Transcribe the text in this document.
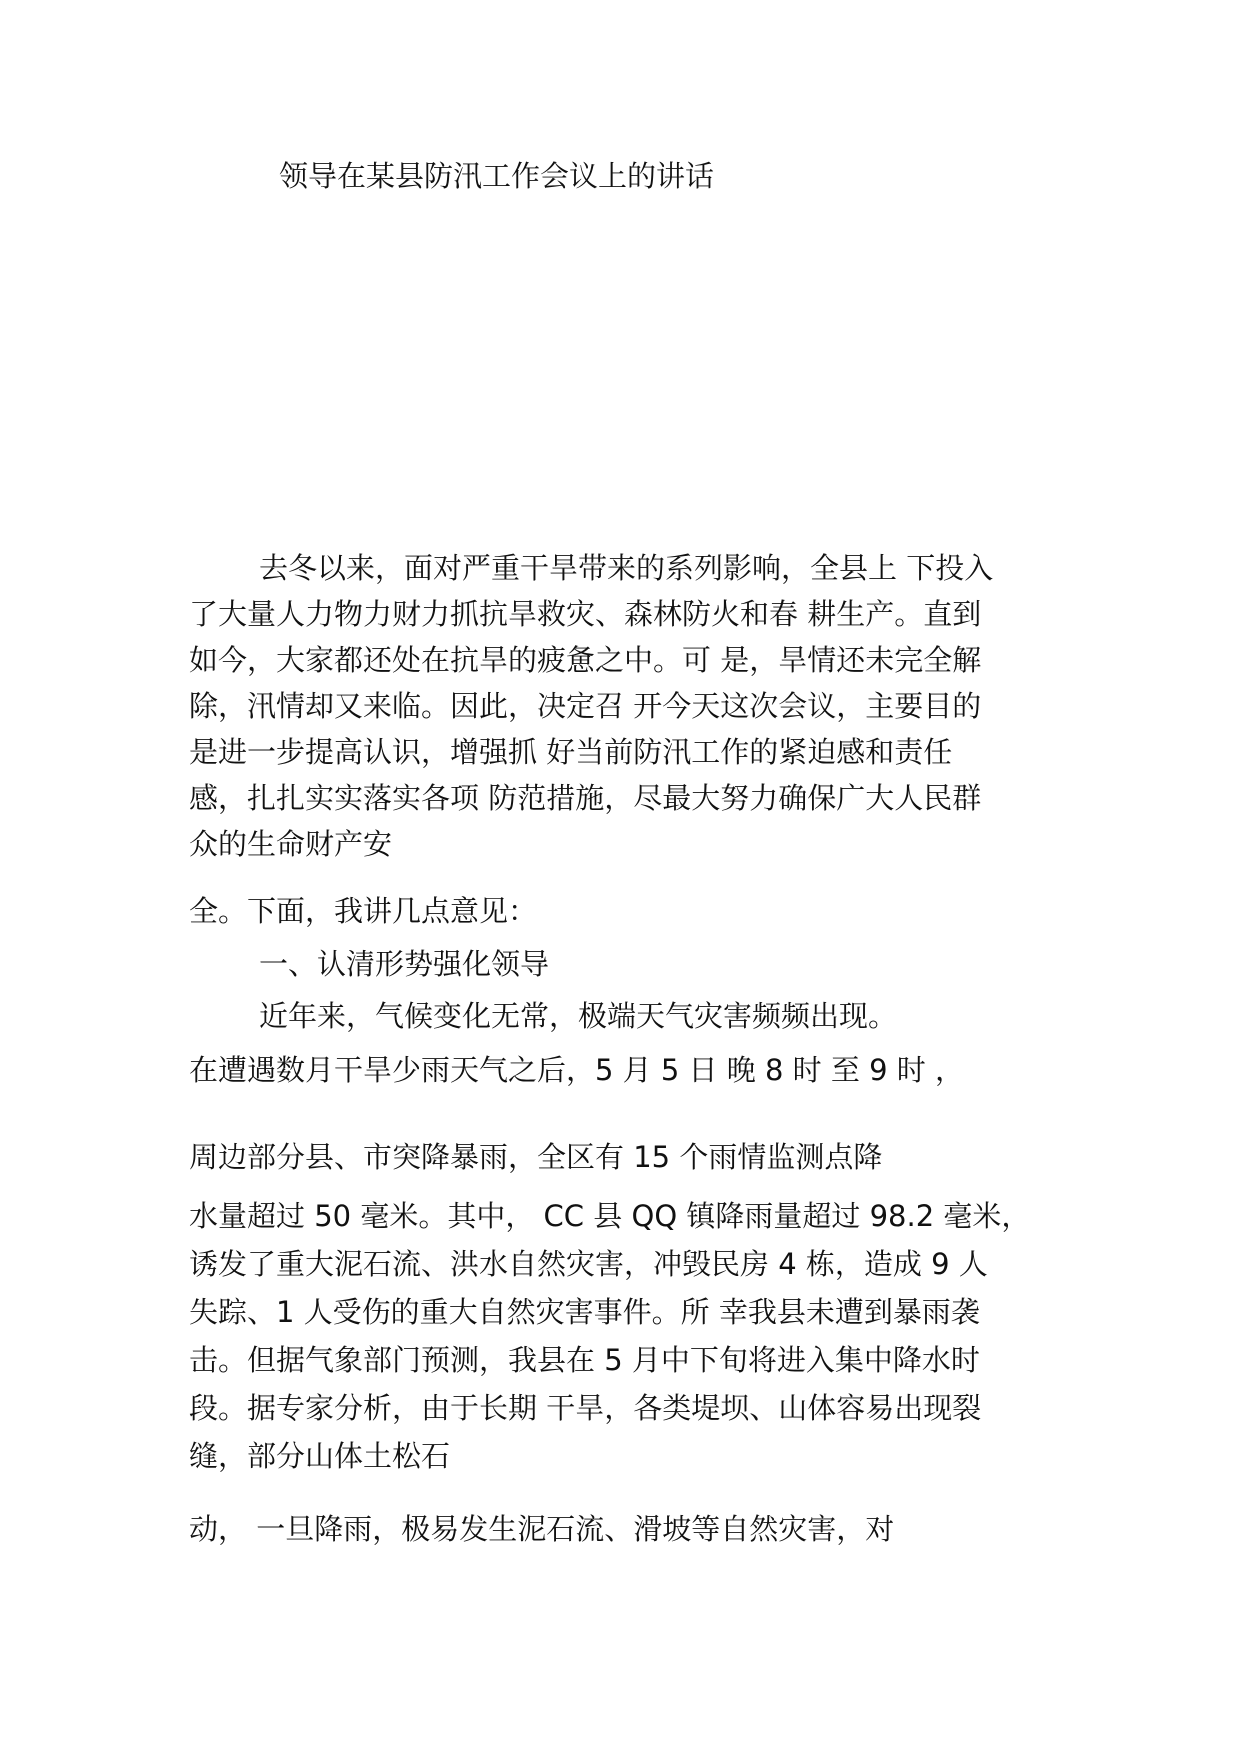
领导在某县防汛工作会议上的讲话
去冬以来，面对严重干旱带来的系列影响，全县上 下投入
了大量人力物力财力抓抗旱救灾、森林防火和春 耕生产。直到
如今，大家都还处在抗旱的疲惫之中。可 是，旱情还未完全解
除，汛情却又来临。因此，决定召 开今天这次会议，主要目的
是进一步提高认识，增强抓 好当前防汛工作的紧迫感和责任
感，扎扎实实落实各项 防范措施，尽最大努力确保广大人民群
众的生命财产安
全。下面，我讲几点意见：
一、认清形势强化领导
近年来，气候变化无常，极端天气灾害频频出现。
在遭遇数月干旱少雨天气之后，5 月 5 日 晚 8 时 至 9 时 ，
周边部分县、市突降暴雨，全区有 15 个雨情监测点降
水量超过 50 毫米。其中， CC 县 QQ 镇降雨量超过 98.2 毫米，
诱发了重大泥石流、洪水自然灾害，冲毁民房 4 栋，造成 9 人
失踪、1 人受伤的重大自然灾害事件。所 幸我县未遭到暴雨袭
击。但据气象部门预测，我县在 5 月中下旬将进入集中降水时
段。据专家分析，由于长期 干旱，各类堤坝、山体容易出现裂
缝，部分山体土松石
动， 一旦降雨，极易发生泥石流、滑坡等自然灾害，对
